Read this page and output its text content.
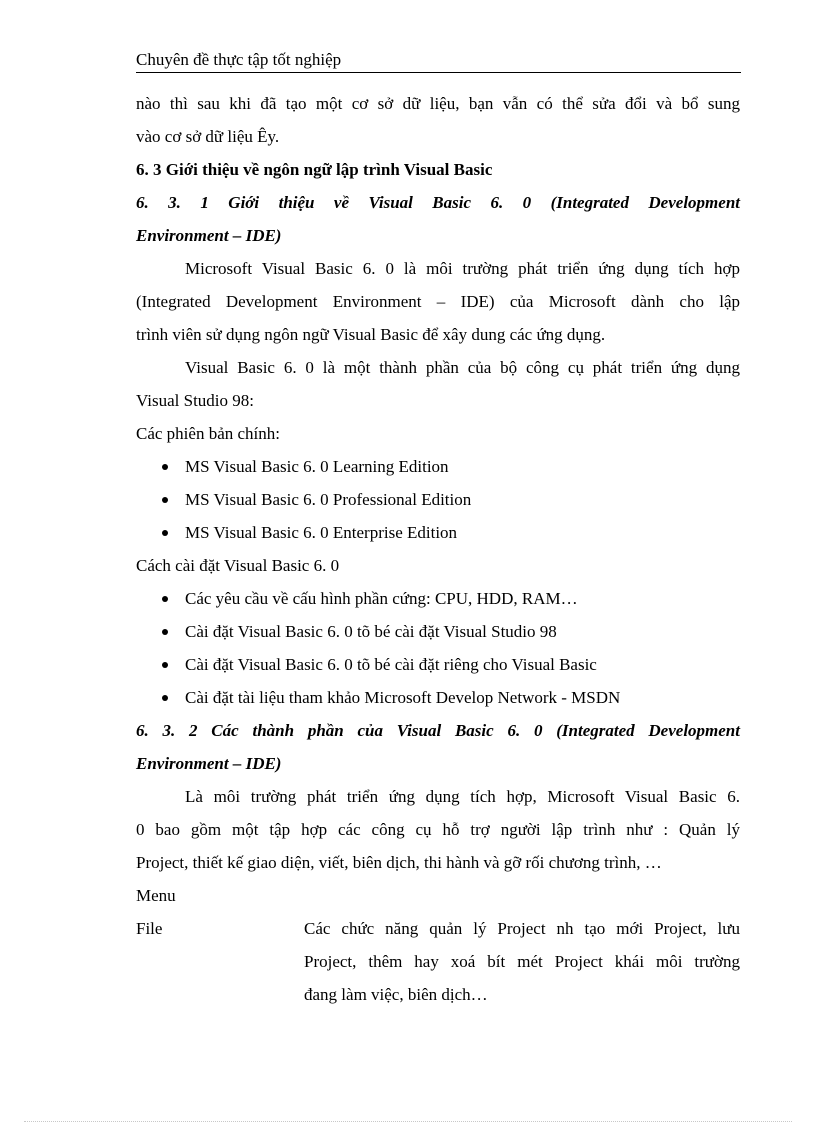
Chuyên đề thực tập tốt nghiệp
nào thì sau khi đã tạo một cơ sở dữ liệu, bạn vẫn có thể sửa đổi và bổ sung
vào cơ sở dữ liệu Êy.
6. 3 Giới thiệu về ngôn ngữ lập trình Visual Basic
6. 3. 1 Giới thiệu về Visual Basic 6. 0 (Integrated Development
Environment – IDE)
Microsoft Visual Basic 6. 0 là môi trường phát triển ứng dụng tích hợp
(Integrated Development Environment – IDE) của Microsoft dành cho lập
trình viên sử dụng ngôn ngữ Visual Basic để xây dung các ứng dụng.
Visual Basic 6. 0 là một thành phần của bộ công cụ phát triển ứng dụng
Visual Studio 98:
Các phiên bản chính:
MS Visual Basic 6. 0 Learning Edition
MS Visual Basic 6. 0 Professional Edition
MS Visual Basic 6. 0 Enterprise Edition
Cách cài đặt Visual Basic 6. 0
Các yêu cầu về cấu hình phần cứng: CPU, HDD, RAM…
Cài đặt Visual Basic 6. 0 tõ bé cài đặt Visual Studio 98
Cài đặt Visual Basic 6. 0 tõ bé cài đặt riêng cho Visual Basic
Cài đặt tài liệu tham khảo Microsoft Develop Network - MSDN
6. 3. 2 Các thành phần của Visual Basic 6. 0 (Integrated Development
Environment – IDE)
Là môi trường phát triển ứng dụng tích hợp, Microsoft Visual Basic 6.
0 bao gồm một tập hợp các công cụ hỗ trợ người lập trình như : Quản lý
Project, thiết kế giao diện, viết, biên dịch, thi hành và gỡ rối chương trình, …
Menu
File	Các chức năng quản lý Project nh tạo mới Project, lưu
Project, thêm hay xoá bít mét Project khái môi trường
đang làm việc, biên dịch…
